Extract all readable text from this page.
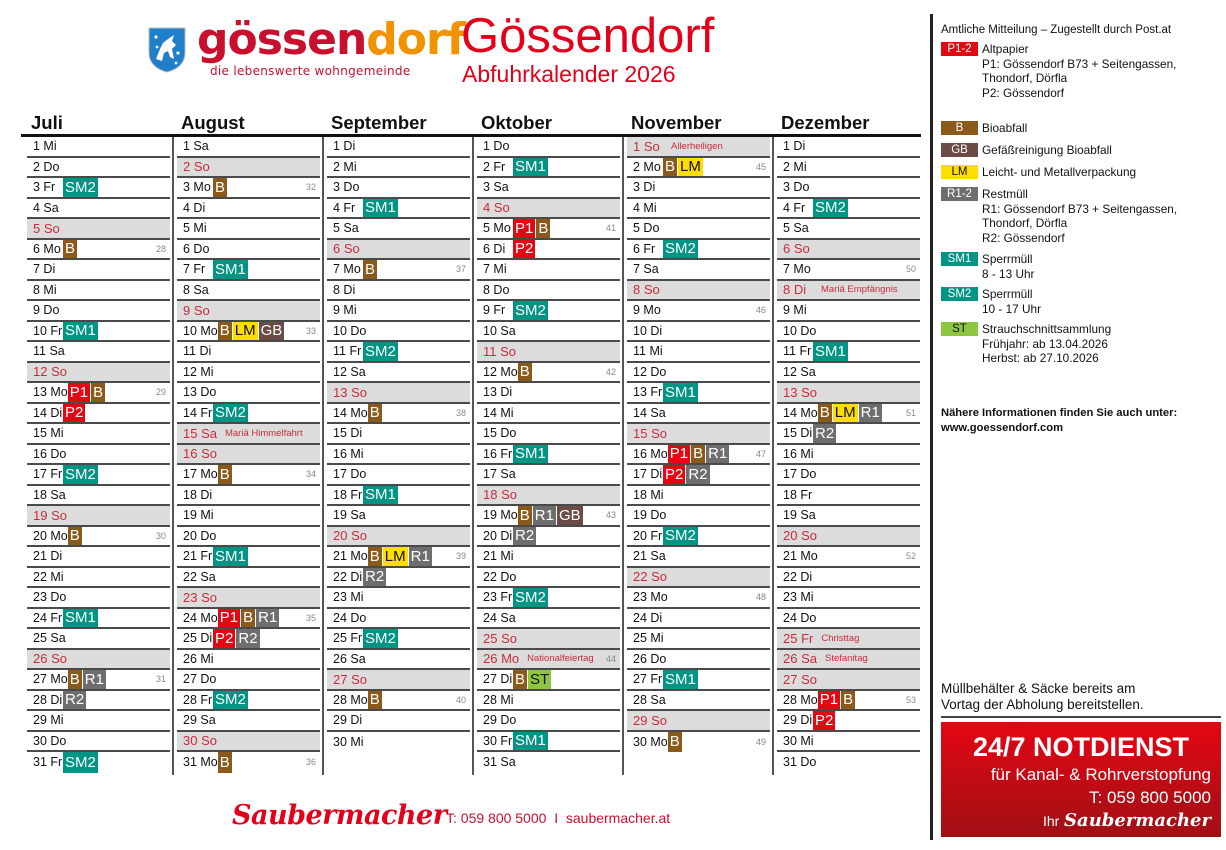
gössendorf
die lebenswerte wohngemeinde
Gössendorf
Abfuhrkalender 2026
Juli
1 Mi
2 Do
3 Fr SM2
4 Sa
5 So
6 Mo B	28
7 Di
8 Mi
9 Do
10 Fr SM1
11 Sa
12 So
13 Mo P1 B	29
14 Di P2
15 Mi
16 Do
17 Fr SM2
18 Sa
19 So
20 Mo B	30
21 Di
22 Mi
23 Do
24 Fr SM1
25 Sa
26 So
27 Mo B R1	31
28 Di R2
29 Mi
30 Do
31 Fr SM2
August
1 Sa
2 So
3 Mo B	32
4 Di
5 Mi
6 Do
7 Fr SM1
8 Sa
9 So
10 Mo B LM GB	33
11 Di
12 Mi
13 Do
14 Fr SM2
15 Sa Mariä Himmelfahrt
16 So
17 Mo B	34
18 Di
19 Mi
20 Do
21 Fr SM1
22 Sa
23 So
24 Mo P1 B R1	35
25 Di P2 R2
26 Mi
27 Do
28 Fr SM2
29 Sa
30 So
31 Mo B	36
September
1 Di
2 Mi
3 Do
4 Fr SM1
5 Sa
6 So
7 Mo B	37
8 Di
9 Mi
10 Do
11 Fr SM2
12 Sa
13 So
14 Mo B	38
15 Di
16 Mi
17 Do
18 Fr SM1
19 Sa
20 So
21 Mo B LM R1	39
22 Di R2
23 Mi
24 Do
25 Fr SM2
26 Sa
27 So
28 Mo B	40
29 Di
30 Mi
Oktober
1 Do
2 Fr SM1
3 Sa
4 So
5 Mo P1 B	41
6 Di P2
7 Mi
8 Do
9 Fr SM2
10 Sa
11 So
12 Mo B	42
13 Di
14 Mi
15 Do
16 Fr SM1
17 Sa
18 So
19 Mo B R1 GB	43
20 Di R2
21 Mi
22 Do
23 Fr SM2
24 Sa
25 So
26 Mo Nationalfeiertag 44
27 Di B ST
28 Mi
29 Do
30 Fr SM1
31 Sa
November
1 So	Allerheiligen
2 Mo B LM	45
3 Di
4 Mi
5 Do
6 Fr SM2
7 Sa
8 So
9 Mo	46
10 Di
11 Mi
12 Do
13 Fr SM1
14 Sa
15 So
16 Mo P1 B R1	47
17 Di P2 R2
18 Mi
19 Do
20 Fr SM2
21 Sa
22 So
23 Mo	48
24 Di
25 Mi
26 Do
27 Fr SM1
28 Sa
29 So
30 Mo B	49
Dezember
1 Di
2 Mi
3 Do
4 Fr SM2
5 Sa
6 So
7 Mo	50
8 Di	Mariä Empfängnis
9 Mi
10 Do
11 Fr SM1
12 Sa
13 So
14 Mo B LM R1	51
15 Di R2
16 Mi
17 Do
18 Fr
19 Sa
20 So
21 Mo	52
22 Di
23 Mi
24 Do
25 Fr Christtag
26 Sa Stefanitag
27 So
28 Mo P1 B	53
29 Di P2
30 Mi
31 Do
Amtliche Mitteilung – Zugestellt durch Post.at
P1-2 Altpapier
P1: Gössendorf B73 + Seitengassen,
Thondorf, Dörfla
P2: Gössendorf
B	Bioabfall
GB	Gefäßreinigung Bioabfall
LM	Leicht- und Metallverpackung
R1-2 Restmüll
R1: Gössendorf B73 + Seitengassen,
Thondorf, Dörfla
R2: Gössendorf
SM1 Sperrmüll
8 - 13 Uhr
SM2 Sperrmüll
10 - 17 Uhr
ST	Strauchschnittsammlung
Frühjahr: ab 13.04.2026
Herbst: ab 27.10.2026
Nähere Informationen finden Sie auch unter:
www.goessendorf.com
Müllbehälter & Säcke bereits am
Vortag der Abholung bereitstellen.
24/7 NOTDIENST
für Kanal- & Rohrverstopfung
T: 059 800 5000
Ihr Saubermacher
Saubermacher T: 059 800 5000  I  saubermacher.at
